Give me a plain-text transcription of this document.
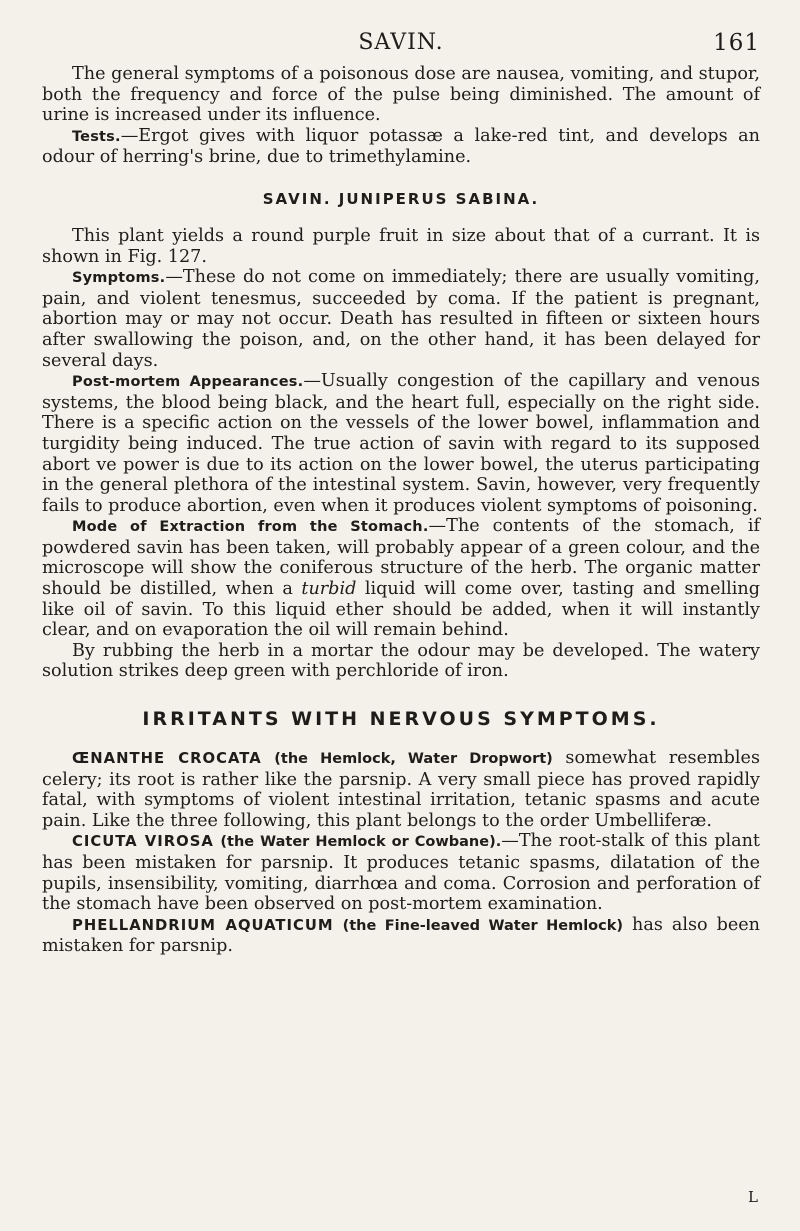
SAVIN.	161

The general symptoms of a poisonous dose are nausea, vomiting, and stupor, both the frequency and force of the pulse being diminished. The amount of urine is increased under its influence.

Tests.—Ergot gives with liquor potassæ a lake-red tint, and develops an odour of herring's brine, due to trimethylamine.

SAVIN. JUNIPERUS SABINA.

This plant yields a round purple fruit in size about that of a currant. It is shown in Fig. 127.

Symptoms.—These do not come on immediately; there are usually vomiting, pain, and violent tenesmus, succeeded by coma. If the patient is pregnant, abortion may or may not occur. Death has resulted in fifteen or sixteen hours after swallowing the poison, and, on the other hand, it has been delayed for several days.

Post-mortem Appearances.—Usually congestion of the capillary and venous systems, the blood being black, and the heart full, especially on the right side. There is a specific action on the vessels of the lower bowel, inflammation and turgidity being induced. The true action of savin with regard to its supposed abort ve power is due to its action on the lower bowel, the uterus participating in the general plethora of the intestinal system. Savin, however, very frequently fails to produce abortion, even when it produces violent symptoms of poisoning.

Mode of Extraction from the Stomach.—The contents of the stomach, if powdered savin has been taken, will probably appear of a green colour, and the microscope will show the coniferous structure of the herb. The organic matter should be distilled, when a turbid liquid will come over, tasting and smelling like oil of savin. To this liquid ether should be added, when it will instantly clear, and on evaporation the oil will remain behind.

By rubbing the herb in a mortar the odour may be developed. The watery solution strikes deep green with perchloride of iron.

IRRITANTS WITH NERVOUS SYMPTOMS.

ŒNANTHE CROCATA (the Hemlock, Water Dropwort) somewhat resembles celery; its root is rather like the parsnip. A very small piece has proved rapidly fatal, with symptoms of violent intestinal irritation, tetanic spasms and acute pain. Like the three following, this plant belongs to the order Umbelliferæ.

CICUTA VIROSA (the Water Hemlock or Cowbane).—The root-stalk of this plant has been mistaken for parsnip. It produces tetanic spasms, dilatation of the pupils, insensibility, vomiting, diarrhœa and coma. Corrosion and perforation of the stomach have been observed on post-mortem examination.

PHELLANDRIUM AQUATICUM (the Fine-leaved Water Hemlock) has also been mistaken for parsnip.

L
